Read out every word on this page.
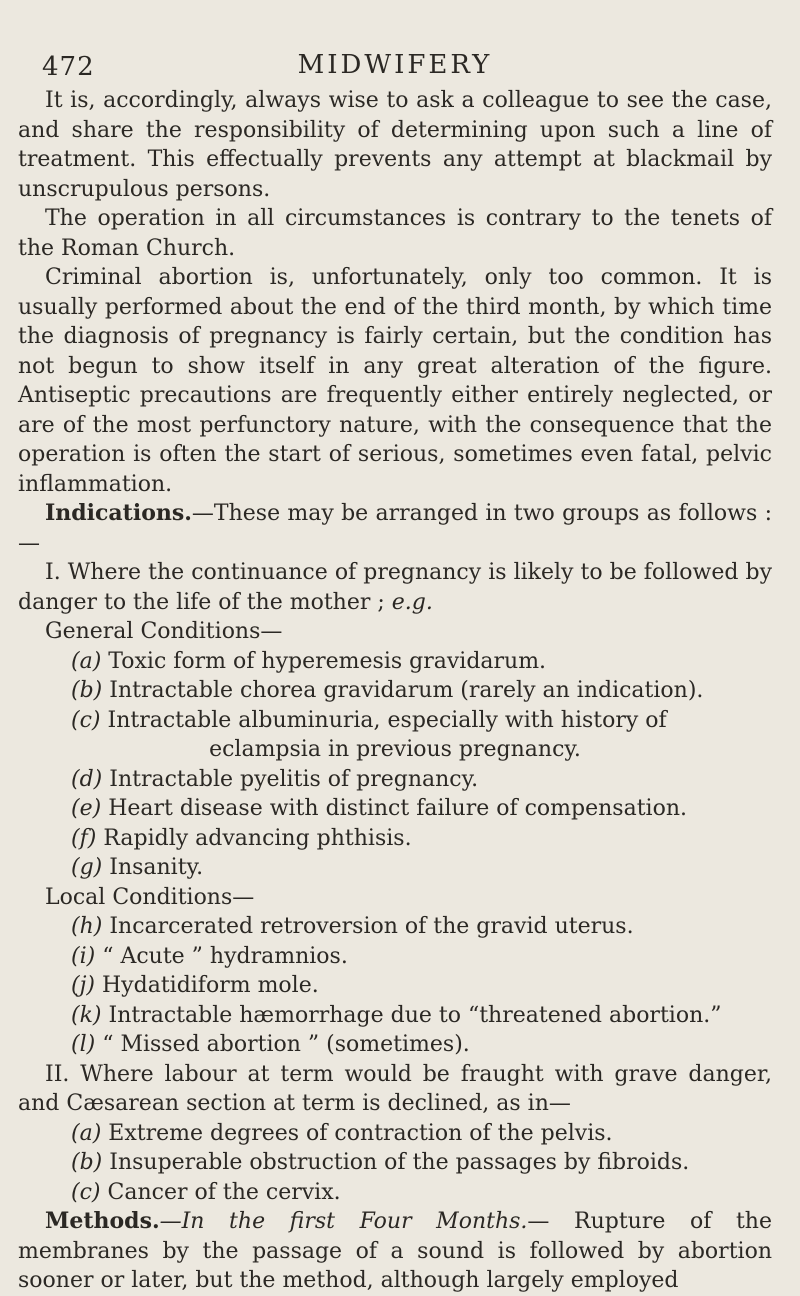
472	MIDWIFERY

It is, accordingly, always wise to ask a colleague to see the case, and share the responsibility of determining upon such a line of treatment. This effectually prevents any attempt at blackmail by unscrupulous persons.

The operation in all circumstances is contrary to the tenets of the Roman Church.

Criminal abortion is, unfortunately, only too common. It is usually performed about the end of the third month, by which time the diagnosis of pregnancy is fairly certain, but the condition has not begun to show itself in any great alteration of the figure. Antiseptic precautions are frequently either entirely neglected, or are of the most perfunctory nature, with the consequence that the operation is often the start of serious, sometimes even fatal, pelvic inflammation.

Indications.—These may be arranged in two groups as follows :—

I. Where the continuance of pregnancy is likely to be followed by danger to the life of the mother ; e.g.

General Conditions—

(a) Toxic form of hyperemesis gravidarum.

(b) Intractable chorea gravidarum (rarely an indication).

(c) Intractable albuminuria, especially with history of

eclampsia in previous pregnancy.

(d) Intractable pyelitis of pregnancy.

(e) Heart disease with distinct failure of compensation.

(f) Rapidly advancing phthisis.

(g) Insanity.

Local Conditions—

(h) Incarcerated retroversion of the gravid uterus.

(i) “ Acute ” hydramnios.

(j) Hydatidiform mole.

(k) Intractable hæmorrhage due to “threatened abortion.”

(l) “ Missed abortion ” (sometimes).

II. Where labour at term would be fraught with grave danger, and Cæsarean section at term is declined, as in—

(a) Extreme degrees of contraction of the pelvis.

(b) Insuperable obstruction of the passages by fibroids.

(c) Cancer of the cervix.

Methods.—In the first Four Months.— Rupture of the membranes by the passage of a sound is followed by abortion sooner or later, but the method, although largely employed
